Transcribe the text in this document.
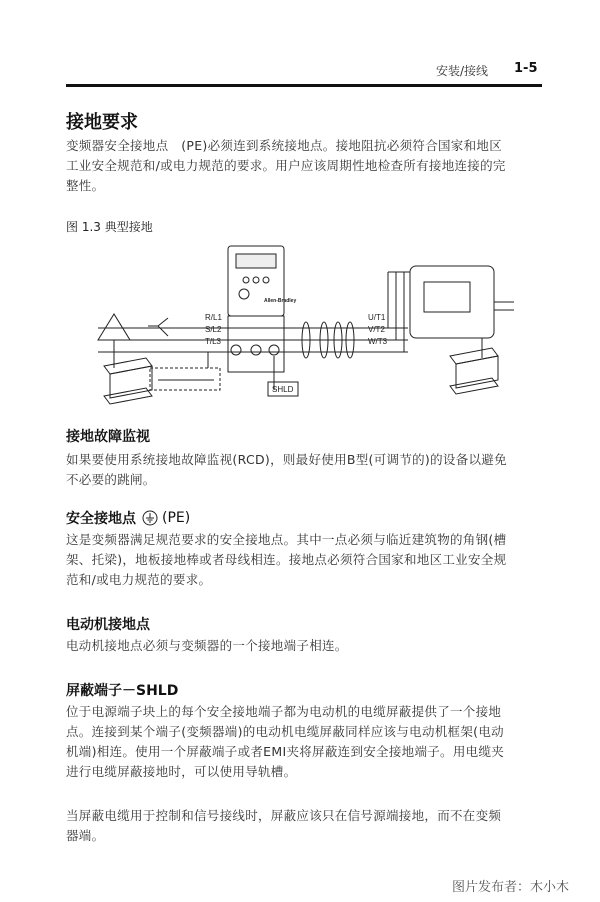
安装/接线 1-5
接地要求
变频器安全接地点　(PE)必须连到系统接地点。接地阻抗必须符合国家和地区
工业安全规范和/或电力规范的要求。用户应该周期性地检查所有接地连接的完
整性。
图 1.3 典型接地
R/L1
S/L2
T/L3
Allen-Bradley
U/T1
V/T2
W/T3
SHLD
接地故障监视
如果要使用系统接地故障监视(RCD)，则最好使用B型(可调节的)的设备以避免
不必要的跳闸。
安全接地点 (PE)
这是变频器满足规范要求的安全接地点。其中一点必须与临近建筑物的角钢(槽
架、托梁)，地板接地棒或者母线相连。接地点必须符合国家和地区工业安全规
范和/或电力规范的要求。
电动机接地点
电动机接地点必须与变频器的一个接地端子相连。
屏蔽端子－SHLD
位于电源端子块上的每个安全接地端子都为电动机的电缆屏蔽提供了一个接地
点。连接到某个端子(变频器端)的电动机电缆屏蔽同样应该与电动机框架(电动
机端)相连。使用一个屏蔽端子或者EMI夹将屏蔽连到安全接地端子。用电缆夹
进行电缆屏蔽接地时，可以使用导轨槽。
当屏蔽电缆用于控制和信号接线时，屏蔽应该只在信号源端接地，而不在变频
器端。
图片发布者：木小木
